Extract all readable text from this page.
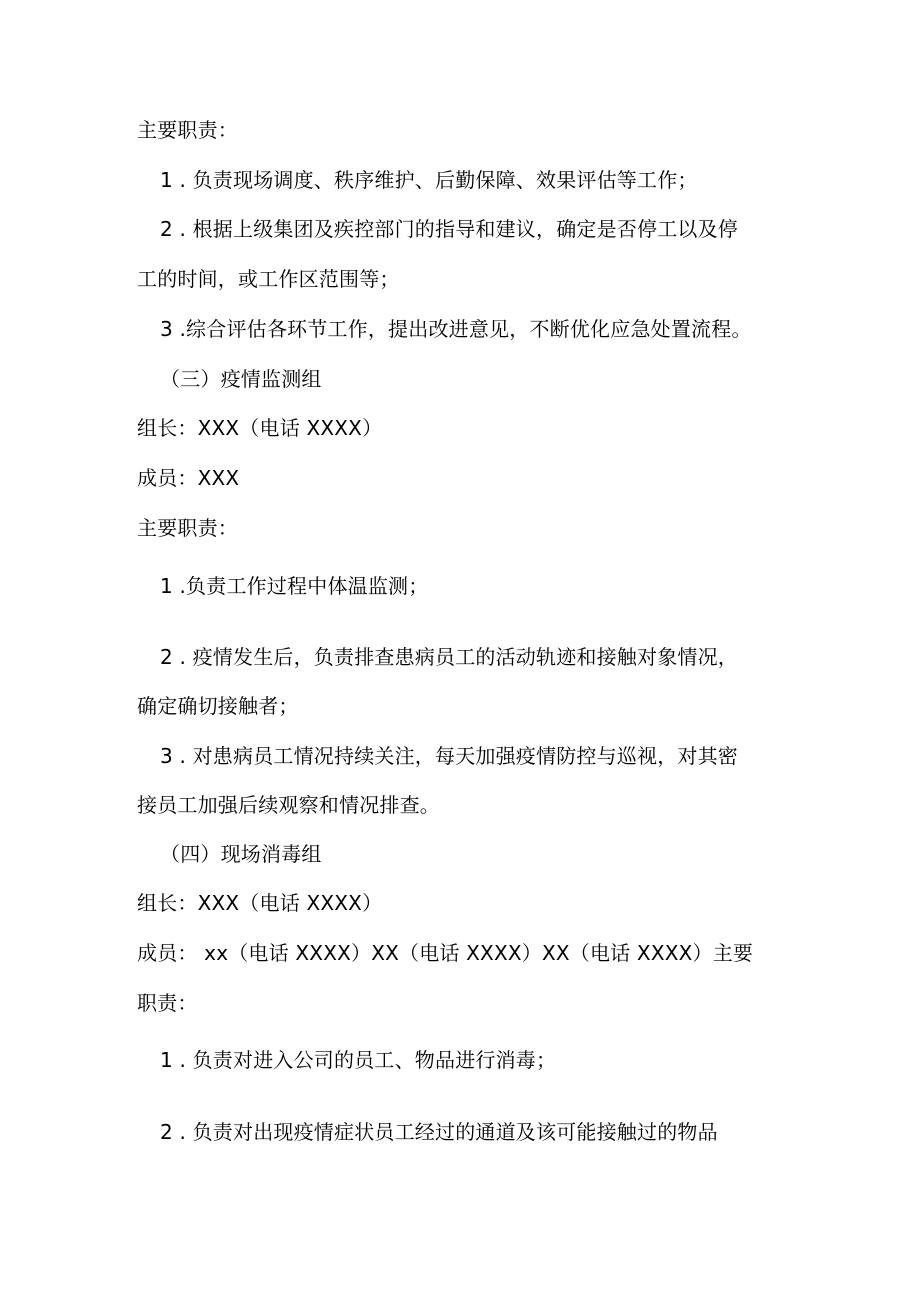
主要职责：
1 . 负责现场调度、秩序维护、后勤保障、效果评估等工作；
2 . 根据上级集团及疾控部门的指导和建议，确定是否停工以及停
工的时间，或工作区范围等；
3 .综合评估各环节工作，提出改进意见，不断优化应急处置流程。
（三）疫情监测组
组长：XXX（电话 XXXX）
成员：XXX
主要职责：
1 .负责工作过程中体温监测；
2 . 疫情发生后，负责排查患病员工的活动轨迹和接触对象情况，
确定确切接触者；
3 . 对患病员工情况持续关注，每天加强疫情防控与巡视，对其密
接员工加强后续观察和情况排查。
（四）现场消毒组
组长：XXX（电话 XXXX）
成员： xx（电话 XXXX）XX（电话 XXXX）XX（电话 XXXX）主要
职责：
1 . 负责对进入公司的员工、物品进行消毒；
2 . 负责对出现疫情症状员工经过的通道及该可能接触过的物品
